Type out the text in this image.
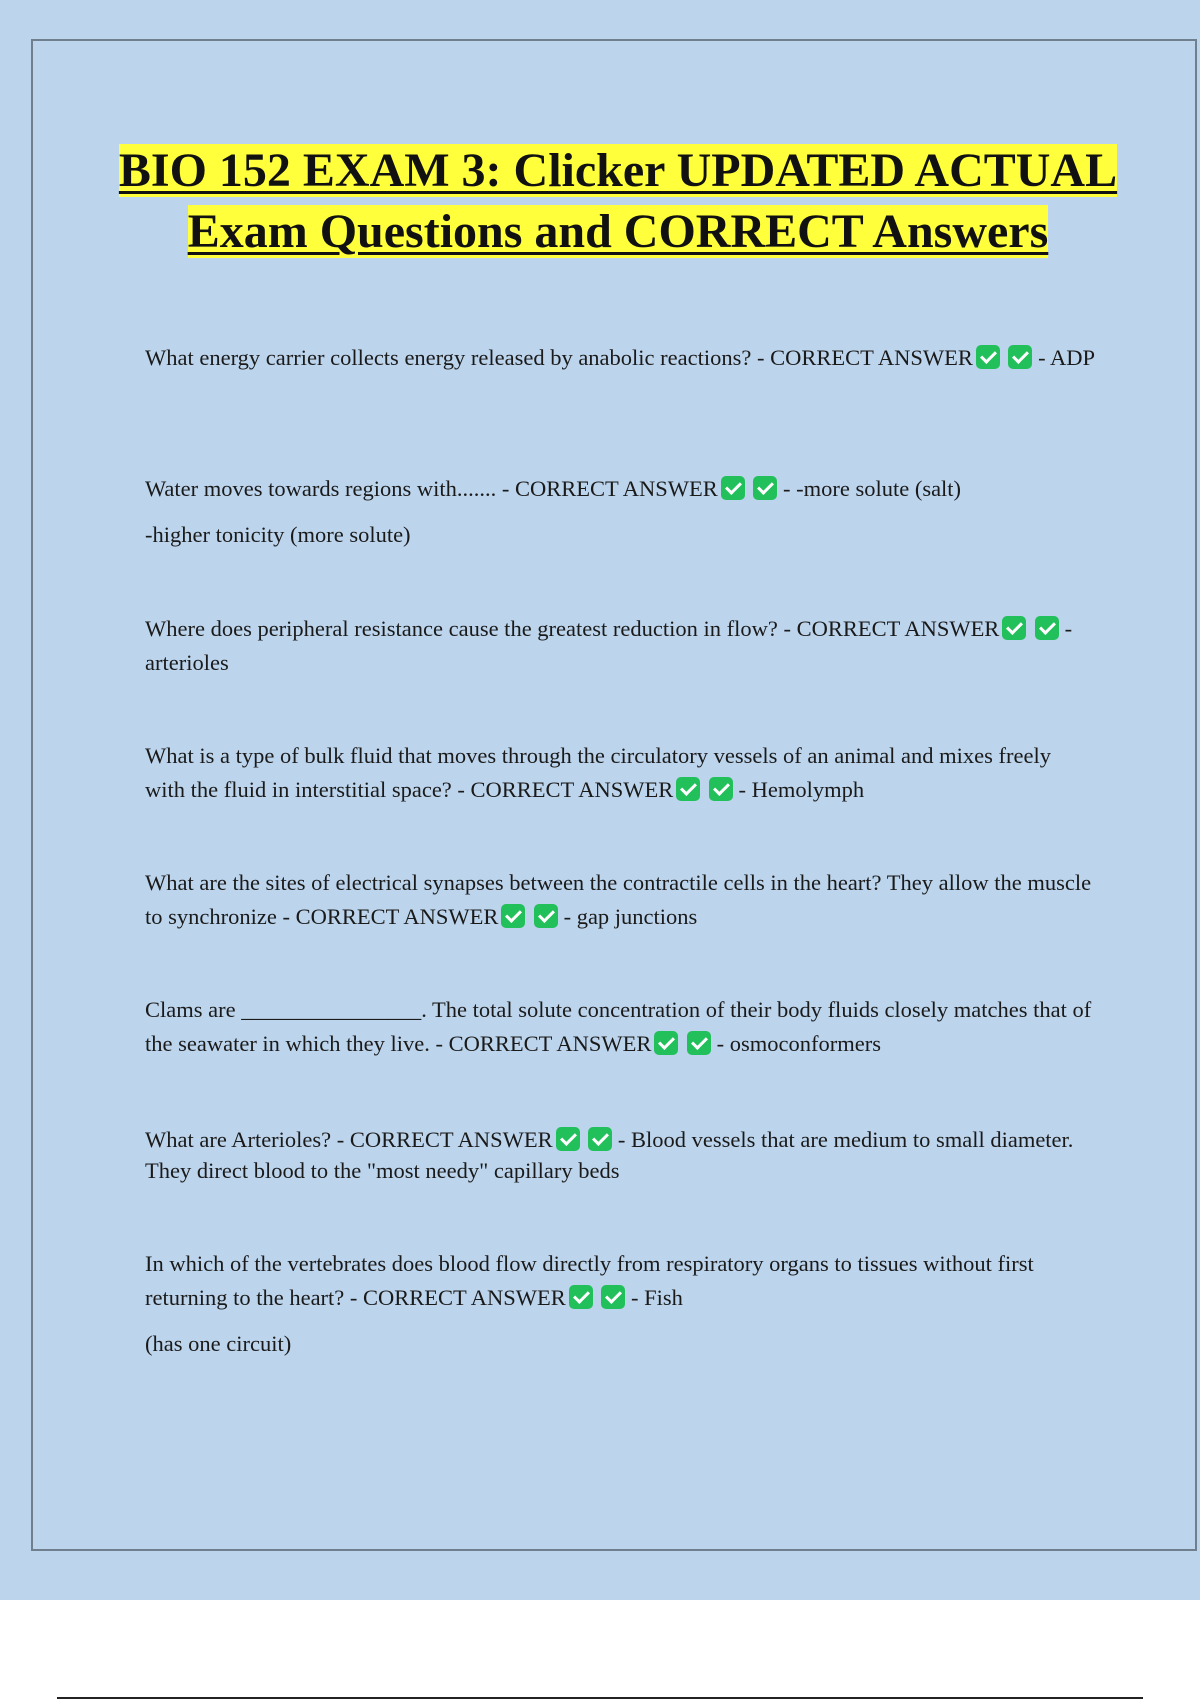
BIO 152 EXAM 3: Clicker UPDATED ACTUAL Exam Questions and CORRECT Answers

What energy carrier collects energy released by anabolic reactions? - CORRECT ANSWER	- ADP

Water moves towards regions with....... - CORRECT ANSWER	- -more solute (salt)

-higher tonicity (more solute)

Where does peripheral resistance cause the greatest reduction in flow? - CORRECT ANSWER	- arterioles

What is a type of bulk fluid that moves through the circulatory vessels of an animal and mixes freely with the fluid in interstitial space? - CORRECT ANSWER	- Hemolymph

What are the sites of electrical synapses between the contractile cells in the heart? They allow the muscle to synchronize - CORRECT ANSWER	- gap junctions

Clams are ________________. The total solute concentration of their body fluids closely matches that of the seawater in which they live. - CORRECT ANSWER	- osmoconformers

What are Arterioles? - CORRECT ANSWER	- Blood vessels that are medium to small diameter. They direct blood to the "most needy" capillary beds

In which of the vertebrates does blood flow directly from respiratory organs to tissues without first returning to the heart? - CORRECT ANSWER	- Fish

(has one circuit)
